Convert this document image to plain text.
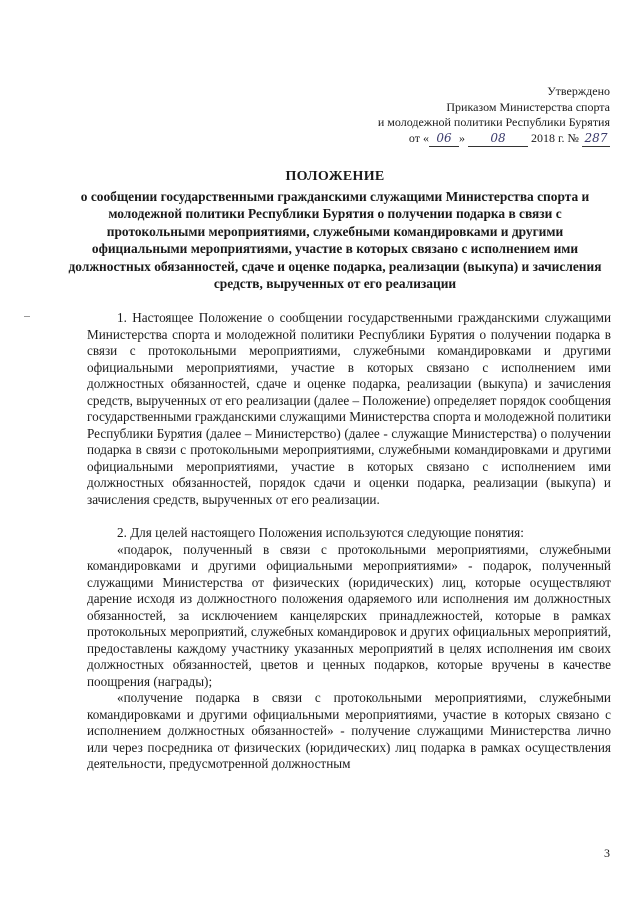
Утверждено
Приказом Министерства спорта
и молодежной политики Республики Бурятия
от « 06 » 08 2018 г. № 287
ПОЛОЖЕНИЕ
о сообщении государственными гражданскими служащими Министерства спорта и молодежной политики Республики Бурятия о получении подарка в связи с протокольными мероприятиями, служебными командировками и другими официальными мероприятиями, участие в которых связано с исполнением ими должностных обязанностей, сдаче и оценке подарка, реализации (выкупа) и зачисления средств, вырученных от его реализации

1. Настоящее Положение о сообщении государственными гражданскими служащими Министерства спорта и молодежной политики Республики Бурятия о получении подарка в связи с протокольными мероприятиями, служебными командировками и другими официальными мероприятиями, участие в которых связано с исполнением ими должностных обязанностей, сдаче и оценке подарка, реализации (выкупа) и зачисления средств, вырученных от его реализации (далее – Положение) определяет порядок сообщения государственными гражданскими служащими Министерства спорта и молодежной политики Республики Бурятия (далее – Министерство) (далее - служащие Министерства) о получении подарка в связи с протокольными мероприятиями, служебными командировками и другими официальными мероприятиями, участие в которых связано с исполнением ими должностных обязанностей, порядок сдачи и оценки подарка, реализации (выкупа) и зачисления средств, вырученных от его реализации.

2. Для целей настоящего Положения используются следующие понятия:

«подарок, полученный в связи с протокольными мероприятиями, служебными командировками и другими официальными мероприятиями» - подарок, полученный служащими Министерства от физических (юридических) лиц, которые осуществляют дарение исходя из должностного положения одаряемого или исполнения им должностных обязанностей, за исключением канцелярских принадлежностей, которые в рамках протокольных мероприятий, служебных командировок и других официальных мероприятий, предоставлены каждому участнику указанных мероприятий в целях исполнения им своих должностных обязанностей, цветов и ценных подарков, которые вручены в качестве поощрения (награды);

«получение подарка в связи с протокольными мероприятиями, служебными командировками и другими официальными мероприятиями, участие в которых связано с исполнением должностных обязанностей» - получение служащими Министерства лично или через посредника от физических (юридических) лиц подарка в рамках осуществления деятельности, предусмотренной должностным

3
